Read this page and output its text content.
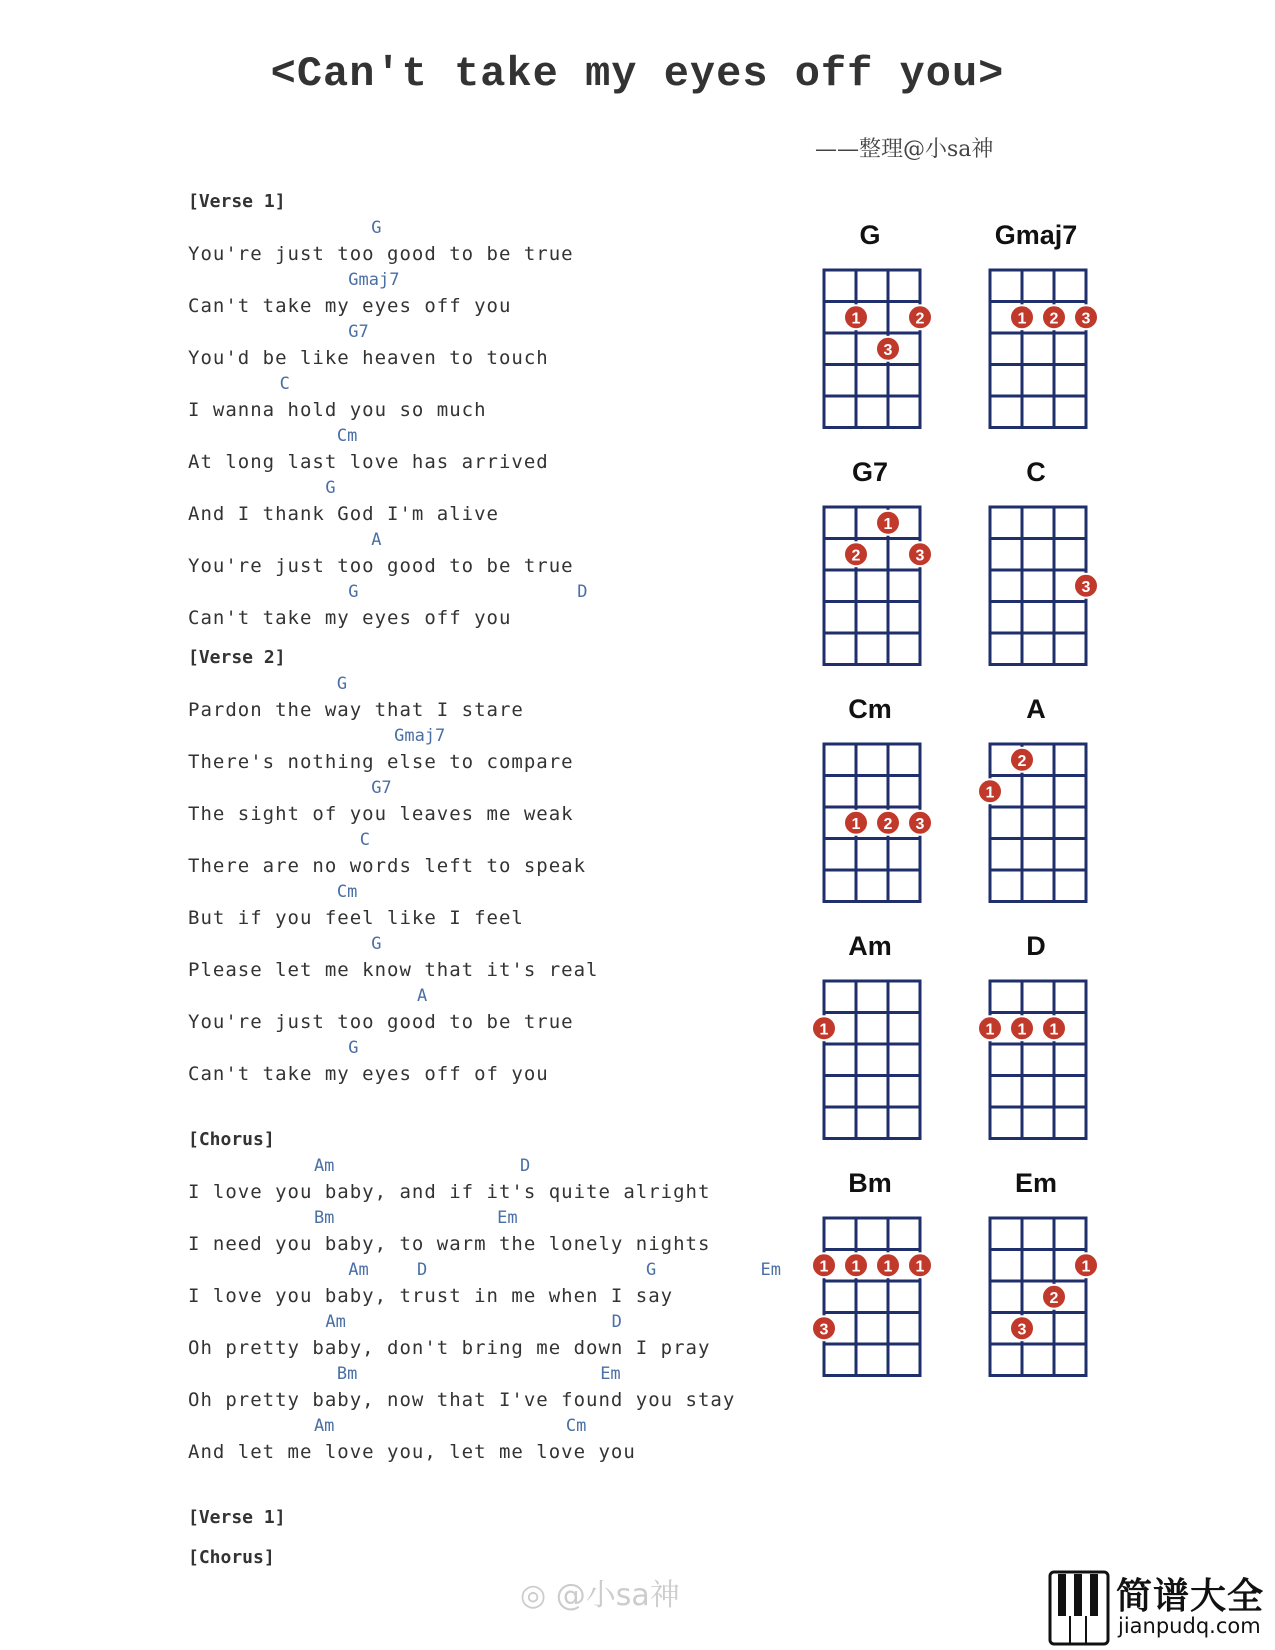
<Can't take my eyes off you>
——整理@小sa神
[Verse 1]
G
You're just too good to be true
Gmaj7
Can't take my eyes off you
G7
You'd be like heaven to touch
C
I wanna hold you so much
Cm
At long last love has arrived
G
And I thank God I'm alive
A
You're just too good to be true
G	D
Can't take my eyes off you
[Verse 2]
G
Pardon the way that I stare
Gmaj7
There's nothing else to compare
G7
The sight of you leaves me weak
C
There are no words left to speak
Cm
But if you feel like I feel
G
Please let me know that it's real
A
You're just too good to be true
G
Can't take my eyes off of you
[Chorus]
Am	D
I love you baby, and if it's quite alright
Bm	Em
I need you baby, to warm the lonely nights
Am	D	G	Em
I love you baby, trust in me when I say
Am	D
Oh pretty baby, don't bring me down I pray
Bm	Em
Oh pretty baby, now that I've found you stay
Am	Cm
And let me love you, let me love you
[Verse 1]
[Chorus]
G
1	2
3
Gmaj7
1 2 3
G7
1
2	3
C
3
Cm
1 2 3
A
2
1
Am
1
D
1 1 1
Bm
1 1 1 1
3
Em
1
2
3
◎ @小sa神	简谱大全
jianpudq.com
